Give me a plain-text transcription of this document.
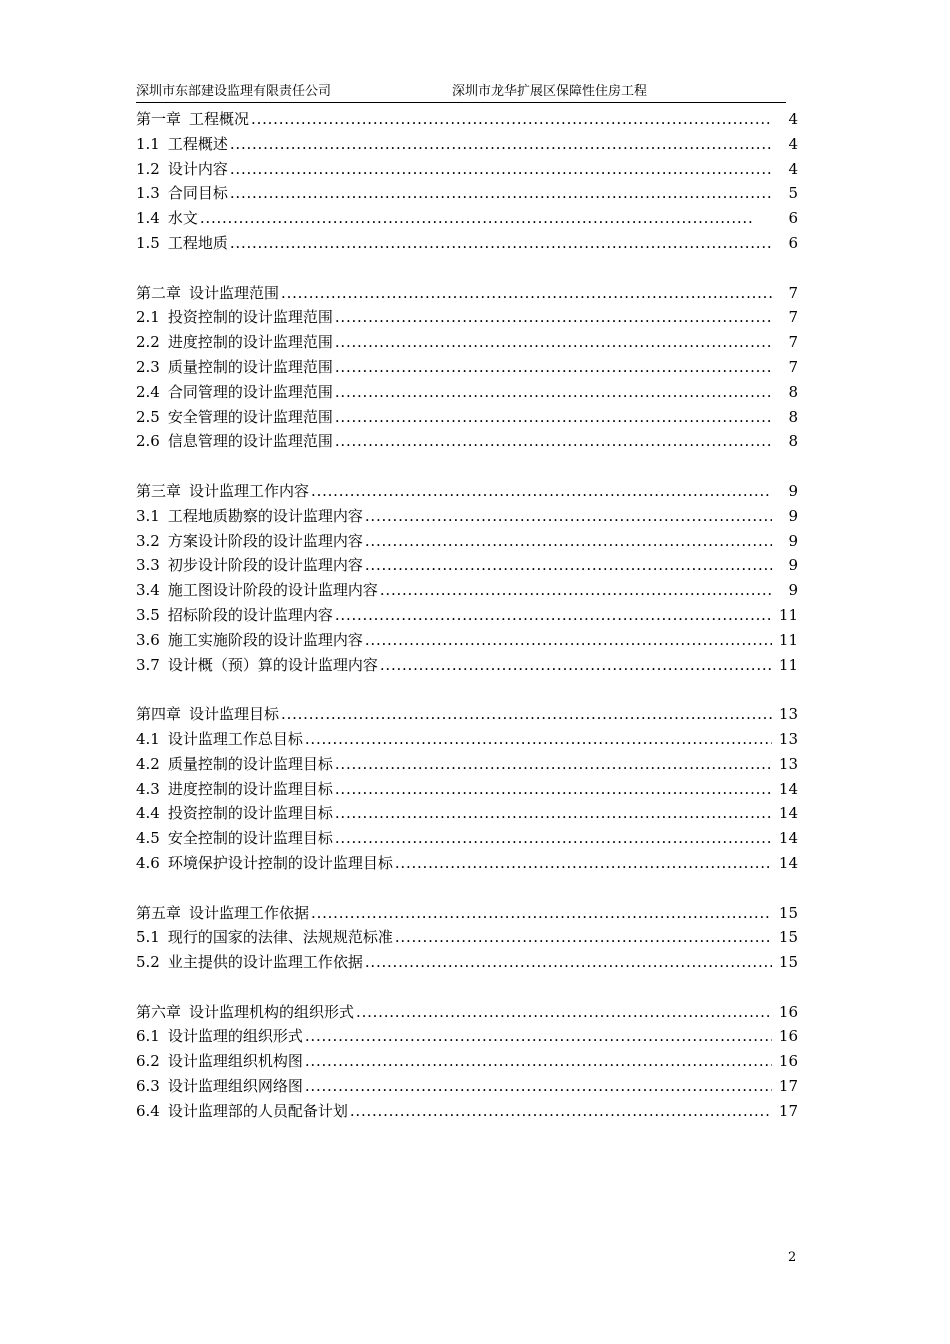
深圳市东部建设监理有限责任公司	深圳市龙华扩展区保障性住房工程
第一章 工程概况 . . .	4
1.1 工程概述 . . .	4
1.2 设计内容 . . .	4
1.3 合同目标 . . .	5
1.4 水文 . . .	6
1.5 工程地质 . . .	6
第二章 设计监理范围 . . .	7
2.1 投资控制的设计监理范围 . . .	7
2.2 进度控制的设计监理范围 . . .	7
2.3 质量控制的设计监理范围 . . .	7
2.4 合同管理的设计监理范围 . . .	8
2.5 安全管理的设计监理范围 . . .	8
2.6 信息管理的设计监理范围 . . .	8
第三章 设计监理工作内容 . . .	9
3.1 工程地质勘察的设计监理内容 . . .	9
3.2 方案设计阶段的设计监理内容 . . .	9
3.3 初步设计阶段的设计监理内容 . . .	9
3.4 施工图设计阶段的设计监理内容 . . .	9
3.5 招标阶段的设计监理内容 . . .	11
3.6 施工实施阶段的设计监理内容 . . .	11
3.7 设计概（预）算的设计监理内容 . . .	11
第四章 设计监理目标 . . .	13
4.1 设计监理工作总目标 . . .	13
4.2 质量控制的设计监理目标 . . .	13
4.3 进度控制的设计监理目标 . . .	14
4.4 投资控制的设计监理目标 . . .	14
4.5 安全控制的设计监理目标 . . .	14
4.6 环境保护设计控制的设计监理目标 . . .	14
第五章 设计监理工作依据 . . .	15
5.1 现行的国家的法律、法规规范标准 . . .	15
5.2 业主提供的设计监理工作依据 . . .	15
第六章 设计监理机构的组织形式 . . .	16
6.1 设计监理的组织形式 . . .	16
6.2 设计监理组织机构图 . . .	16
6.3 设计监理组织网络图 . . .	17
6.4 设计监理部的人员配备计划 . . .	17
2
